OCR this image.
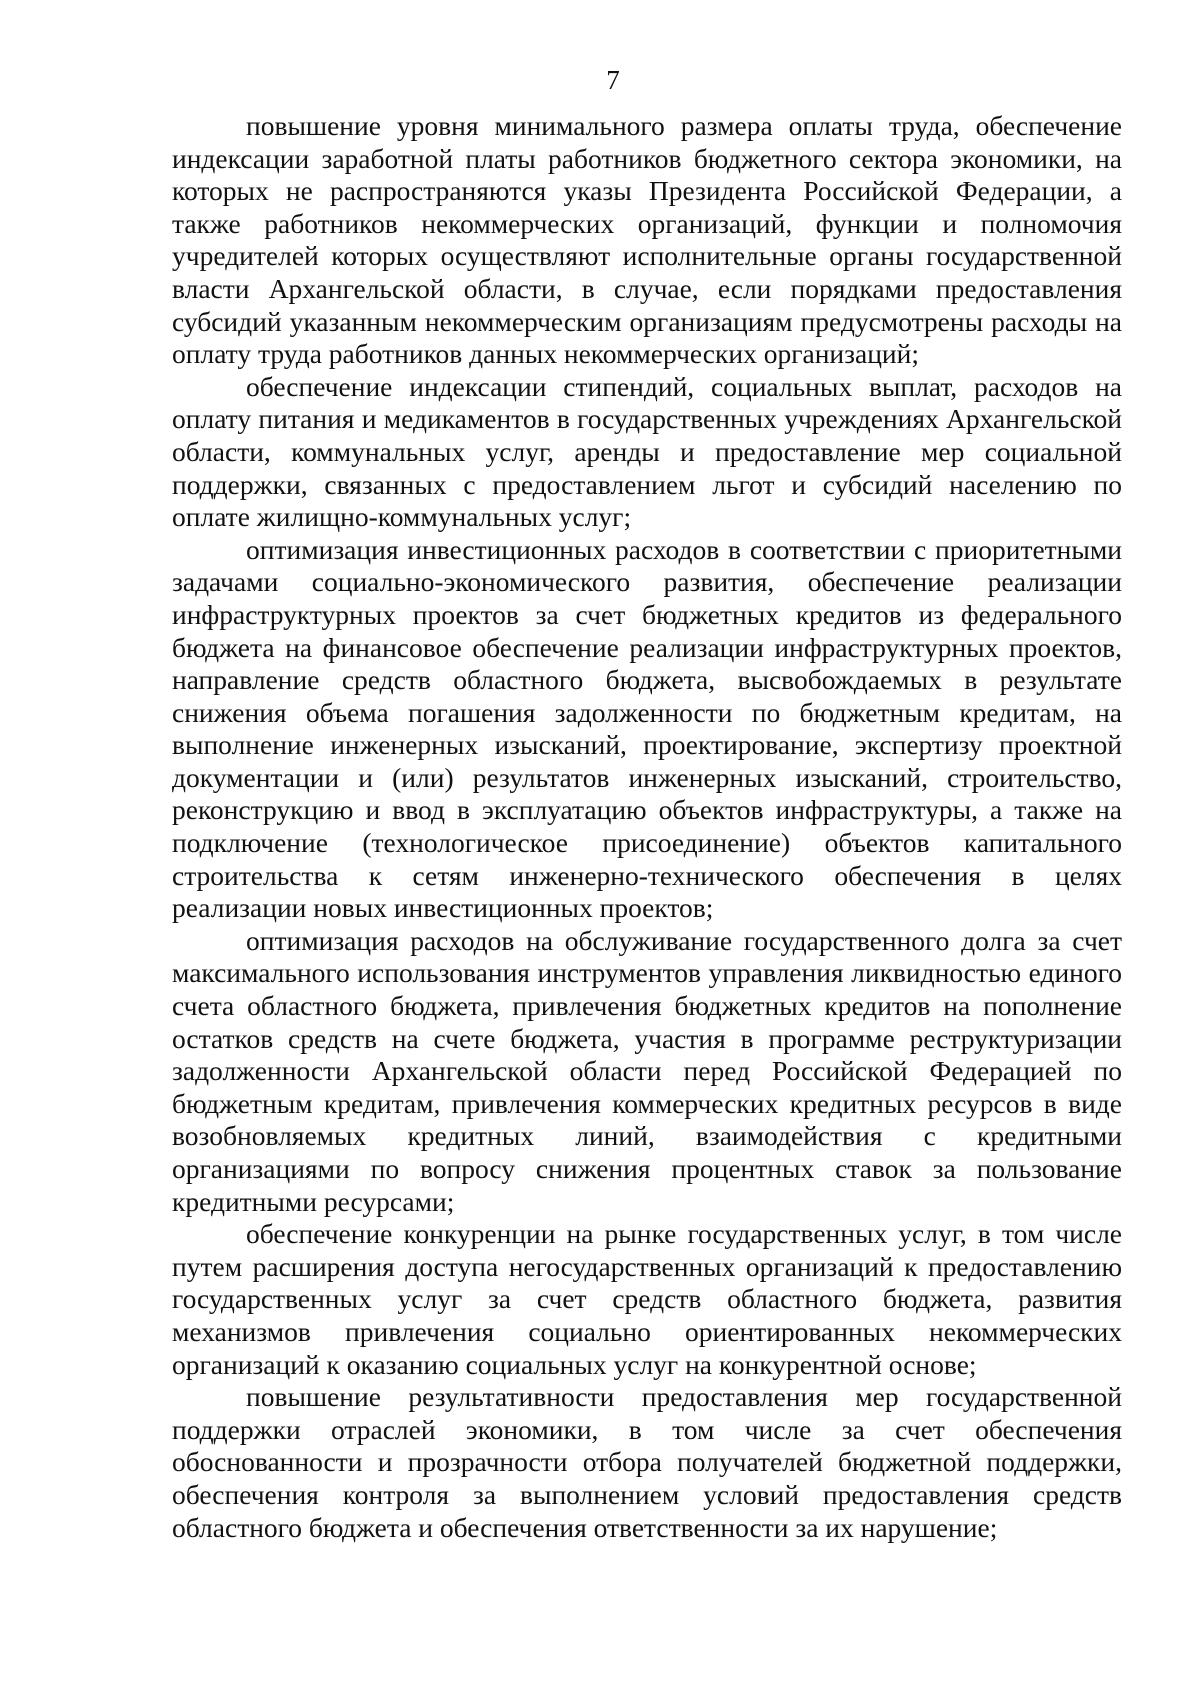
7

повышение уровня минимального размера оплаты труда, обеспечение индексации заработной платы работников бюджетного сектора экономики, на которых не распространяются указы Президента Российской Федерации, а также работников некоммерческих организаций, функции и полномочия учредителей которых осуществляют исполнительные органы государственной власти Архангельской области, в случае, если порядками предоставления субсидий указанным некоммерческим организациям предусмотрены расходы на оплату труда работников данных некоммерческих организаций;

обеспечение индексации стипендий, социальных выплат, расходов на оплату питания и медикаментов в государственных учреждениях Архангельской области, коммунальных услуг, аренды и предоставление мер социальной поддержки, связанных с предоставлением льгот и субсидий населению по оплате жилищно-коммунальных услуг;

оптимизация инвестиционных расходов в соответствии с приоритетными задачами социально-экономического развития, обеспечение реализации инфраструктурных проектов за счет бюджетных кредитов из федерального бюджета на финансовое обеспечение реализации инфраструктурных проектов, направление средств областного бюджета, высвобождаемых в результате снижения объема погашения задолженности по бюджетным кредитам, на выполнение инженерных изысканий, проектирование, экспертизу проектной документации и (или) результатов инженерных изысканий, строительство, реконструкцию и ввод в эксплуатацию объектов инфраструктуры, а также на подключение (технологическое присоединение) объектов капитального строительства к сетям инженерно-технического обеспечения в целях реализации новых инвестиционных проектов;

оптимизация расходов на обслуживание государственного долга за счет максимального использования инструментов управления ликвидностью единого счета областного бюджета, привлечения бюджетных кредитов на пополнение остатков средств на счете бюджета, участия в программе реструктуризации задолженности Архангельской области перед Российской Федерацией по бюджетным кредитам, привлечения коммерческих кредитных ресурсов в виде возобновляемых кредитных линий, взаимодействия с кредитными организациями по вопросу снижения процентных ставок за пользование кредитными ресурсами;

обеспечение конкуренции на рынке государственных услуг, в том числе путем расширения доступа негосударственных организаций к предоставлению государственных услуг за счет средств областного бюджета, развития механизмов привлечения социально ориентированных некоммерческих организаций к оказанию социальных услуг на конкурентной основе;

повышение результативности предоставления мер государственной поддержки отраслей экономики, в том числе за счет обеспечения обоснованности и прозрачности отбора получателей бюджетной поддержки, обеспечения контроля за выполнением условий предоставления средств областного бюджета и обеспечения ответственности за их нарушение;
